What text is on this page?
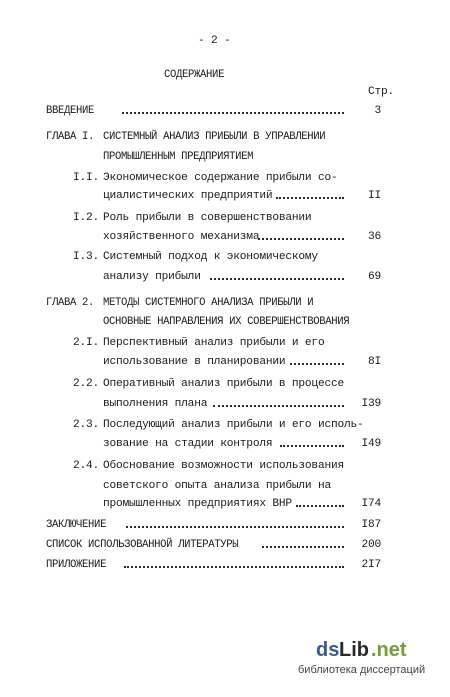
- 2 -
СОДЕРЖАНИЕ
Стр.
ВВЕДЕНИЕ	3
ГЛАВА I. СИСТЕМНЫЙ АНАЛИЗ ПРИБЫЛИ В УПРАВЛЕНИИ
ПРОМЫШЛЕННЫМ ПРЕДПРИЯТИЕМ
I.I. Экономическое содержание прибыли со-
циалистических предприятий	II
I.2. Роль прибыли в совершенствовании
хозяйственного механизма	36
I.3. Системный подход к экономическому
анализу прибыли	69
ГЛАВА 2. МЕТОДЫ СИСТЕМНОГО АНАЛИЗА ПРИБЫЛИ И
ОСНОВНЫЕ НАПРАВЛЕНИЯ ИХ СОВЕРШЕНСТВОВАНИЯ
2.I. Перспективный анализ прибыли и его
использование в планировании	8I
2.2. Оперативный анализ прибыли в процессе
выполнения плана	I39
2.3. Последующий анализ прибыли и его исполь-
зование на стадии контроля	I49
2.4. Обоснование возможности использования
советского опыта анализа прибыли на
промышленных предприятиях ВНР	I74
ЗАКЛЮЧЕНИЕ	I87
СПИСОК ИСПОЛЬЗОВАННОЙ ЛИТЕРАТУРЫ	200
ПРИЛОЖЕНИЕ	2I7
ds Lib .net
библиотека диссертаций
